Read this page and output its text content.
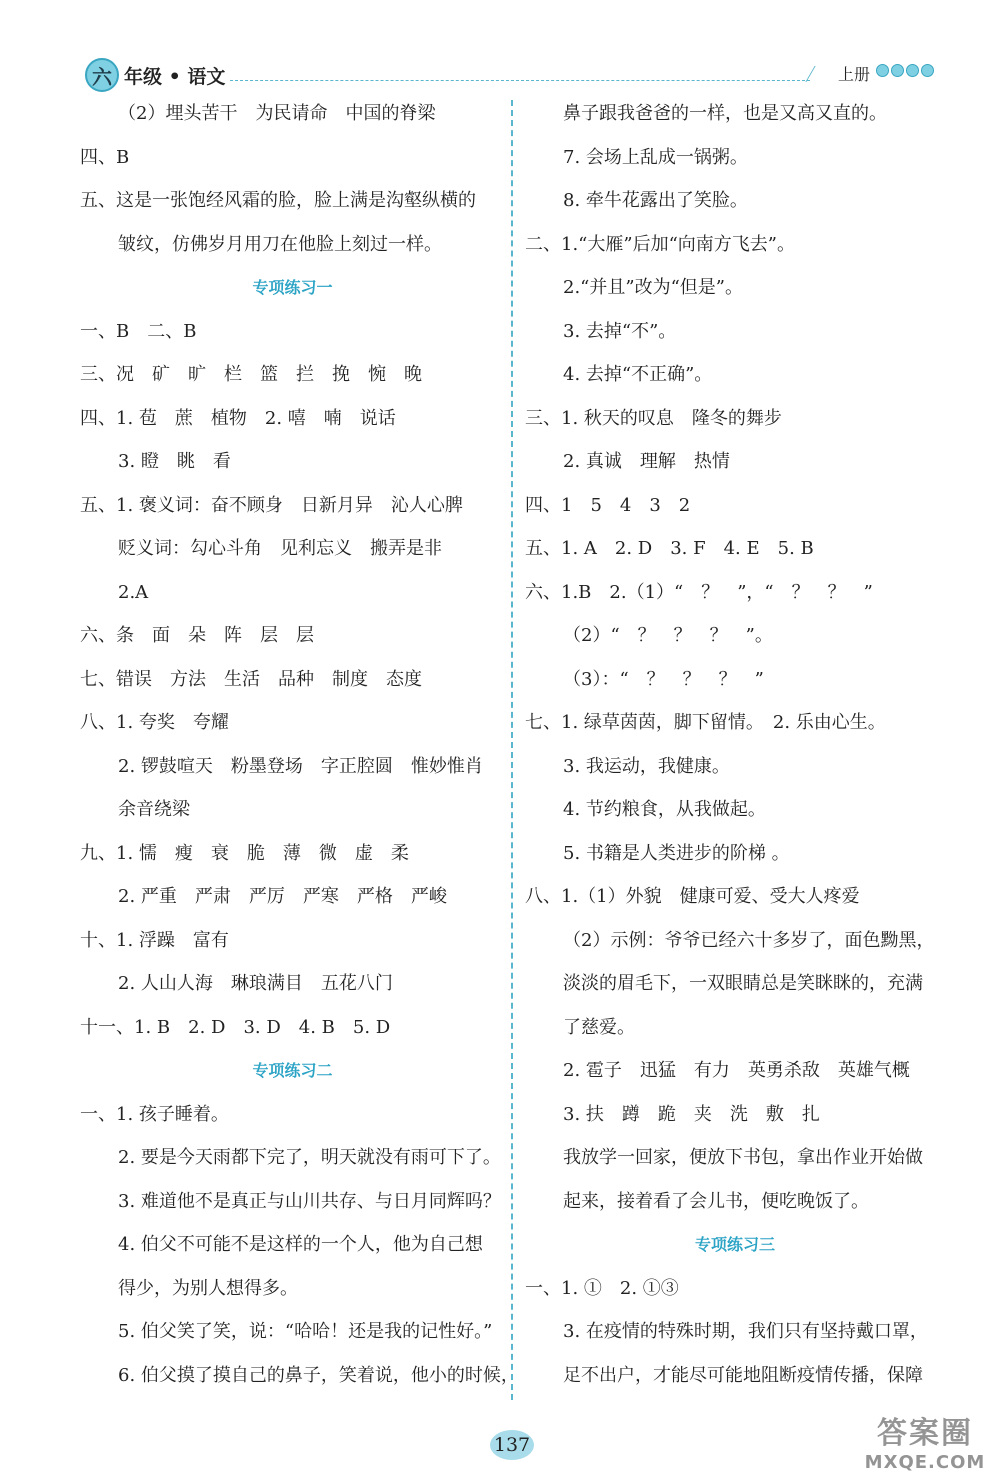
六 年级 • 语文	上册
（2）埋头苦干　为民请命　中国的脊梁
四、B
五、这是一张饱经风霜的脸，脸上满是沟壑纵横的
皱纹，仿佛岁月用刀在他脸上刻过一样。
专项练习一
一、B　二、B
三、况　矿　旷　栏　篮　拦　挽　惋　晚
四、1. 苞　蔗　植物　2. 嘻　喃　说话
3. 瞪　眺　看
五、1. 褒义词：奋不顾身　日新月异　沁人心脾
贬义词：勾心斗角　见利忘义　搬弄是非
2.A
六、条　面　朵　阵　层　层
七、错误　方法　生活　品种　制度　态度
八、1. 夸奖　夸耀
2. 锣鼓喧天　粉墨登场　字正腔圆　惟妙惟肖
余音绕梁
九、1. 懦　瘦　衰　脆　薄　微　虚　柔
2. 严重　严肃　严厉　严寒　严格　严峻
十、1. 浮躁　富有
2. 人山人海　琳琅满目　五花八门
十一、1. B　2. D　3. D　4. B　5. D
专项练习二
一、1. 孩子睡着。
2. 要是今天雨都下完了，明天就没有雨可下了。
3. 难道他不是真正与山川共存、与日月同辉吗？
4. 伯父不可能不是这样的一个人，他为自己想
得少，为别人想得多。
5. 伯父笑了笑，说：“哈哈！还是我的记性好。”
6. 伯父摸了摸自己的鼻子，笑着说，他小的时候，
鼻子跟我爸爸的一样，也是又高又直的。
7. 会场上乱成一锅粥。
8. 牵牛花露出了笑脸。
二、1.“大雁”后加“向南方飞去”。
2.“并且”改为“但是”。
3. 去掉“不”。
4. 去掉“不正确”。
三、1. 秋天的叹息　隆冬的舞步
2. 真诚　理解　热情
四、1　5　4　3　2
五、1. A　2. D　3. F　4. E　5. B
六、1.B　2.（1）“　？　”，“　？　？　”
（2）“　？　？　？　”。
（3）：“　？　？　？　”
七、1. 绿草茵茵，脚下留情。　2. 乐由心生。
3. 我运动，我健康。
4. 节约粮食，从我做起。
5. 书籍是人类进步的阶梯 。
八、1.（1）外貌　健康可爱、受大人疼爱
（2）示例：爷爷已经六十多岁了，面色黝黑，
淡淡的眉毛下，一双眼睛总是笑眯眯的，充满
了慈爱。
2. 雹子　迅猛　有力　英勇杀敌　英雄气概
3. 扶　蹲　跪　夹　洗　敷　扎
我放学一回家，便放下书包，拿出作业开始做
起来，接着看了会儿书，便吃晚饭了。
专项练习三
一、1. ①　2. ①③
3. 在疫情的特殊时期，我们只有坚持戴口罩，
足不出户，才能尽可能地阻断疫情传播，保障
137	答案圈
MXQE.COM
